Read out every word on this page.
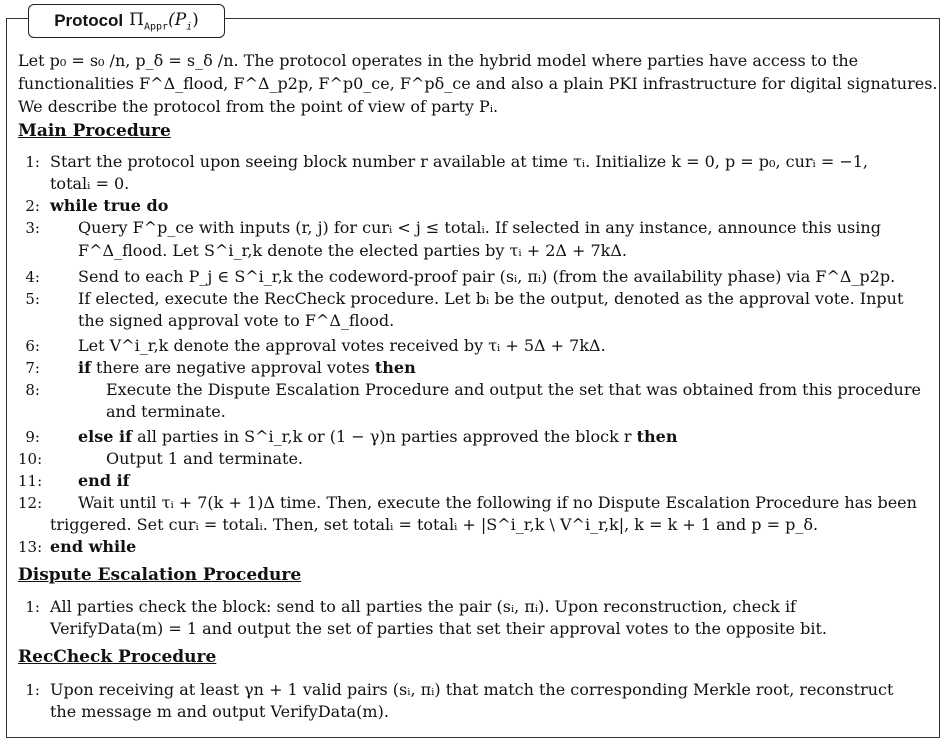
Protocol $\Pi_{Appr}(P_i)$
Let p₀ = s₀ /n, p_δ = s_δ /n. The protocol operates in the hybrid model where parties have access to the
functionalities F^Δ_flood, F^Δ_p2p, F^p0_ce, F^pδ_ce and also a plain PKI infrastructure for digital signatures.
We describe the protocol from the point of view of party Pᵢ.
Main Procedure
1: Start the protocol upon seeing block number r available at time τᵢ. Initialize k = 0, p = p₀, curᵢ = −1,
totalᵢ = 0.
2: while true do
3: Query F^p_ce with inputs (r, j) for curᵢ < j ≤ totalᵢ. If selected in any instance, announce this using
F^Δ_flood. Let S^i_r,k denote the elected parties by τᵢ + 2Δ + 7kΔ.
4: Send to each P_j ∈ S^i_r,k the codeword-proof pair (sᵢ, πᵢ) (from the availability phase) via F^Δ_p2p.
5: If elected, execute the RecCheck procedure. Let bᵢ be the output, denoted as the approval vote. Input
the signed approval vote to F^Δ_flood.
6: Let V^i_r,k denote the approval votes received by τᵢ + 5Δ + 7kΔ.
7: if there are negative approval votes then
8:	Execute the Dispute Escalation Procedure and output the set that was obtained from this procedure
and terminate.
9: else if all parties in S^i_r,k or (1 − γ)n parties approved the block r then
10:	Output 1 and terminate.
11: end if
12: Wait until τᵢ + 7(k + 1)Δ time. Then, execute the following if no Dispute Escalation Procedure has been
triggered. Set curᵢ = totalᵢ. Then, set totalᵢ = totalᵢ + |S^i_r,k \ V^i_r,k|, k = k + 1 and p = p_δ.
13: end while
Dispute Escalation Procedure
1: All parties check the block: send to all parties the pair (sᵢ, πᵢ). Upon reconstruction, check if
VerifyData(m) = 1 and output the set of parties that set their approval votes to the opposite bit.
RecCheck Procedure
1: Upon receiving at least γn + 1 valid pairs (sᵢ, πᵢ) that match the corresponding Merkle root, reconstruct
the message m and output VerifyData(m).
